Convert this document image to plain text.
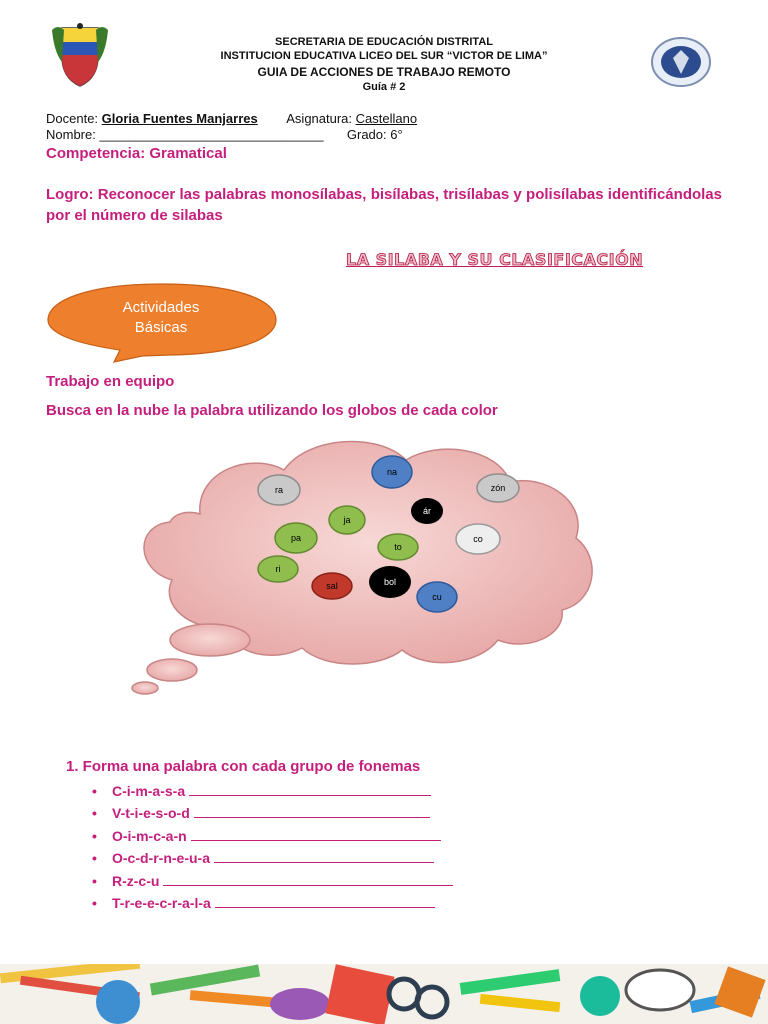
SECRETARIA DE EDUCACIÓN DISTRITAL
INSTITUCION EDUCATIVA LICEO DEL SUR “VICTOR DE LIMA”
GUIA DE ACCIONES DE TRABAJO REMOTO
Guía # 2
Docente: Gloria Fuentes Manjarres Asignatura: Castellano
Nombre: _______________________________ Grado: 6°
Competencia: Gramatical
Logro: Reconocer las palabras monosílabas, bisílabas, trisílabas y polisílabas identificándolas por el número de silabas
LA SILABA Y SU CLASIFICACIÓN
Actividades
Básicas
Trabajo en equipo
Busca en la nube la palabra utilizando los globos de cada color
na
ra	zón
ár
ja
pa	co
to
ri
bol
sal
cu
1. Forma una palabra con cada grupo de fonemas
• C-i-m-a-s-a
• V-t-i-e-s-o-d
• O-i-m-c-a-n
• O-c-d-r-n-e-u-a
• R-z-c-u
• T-r-e-e-c-r-a-l-a
